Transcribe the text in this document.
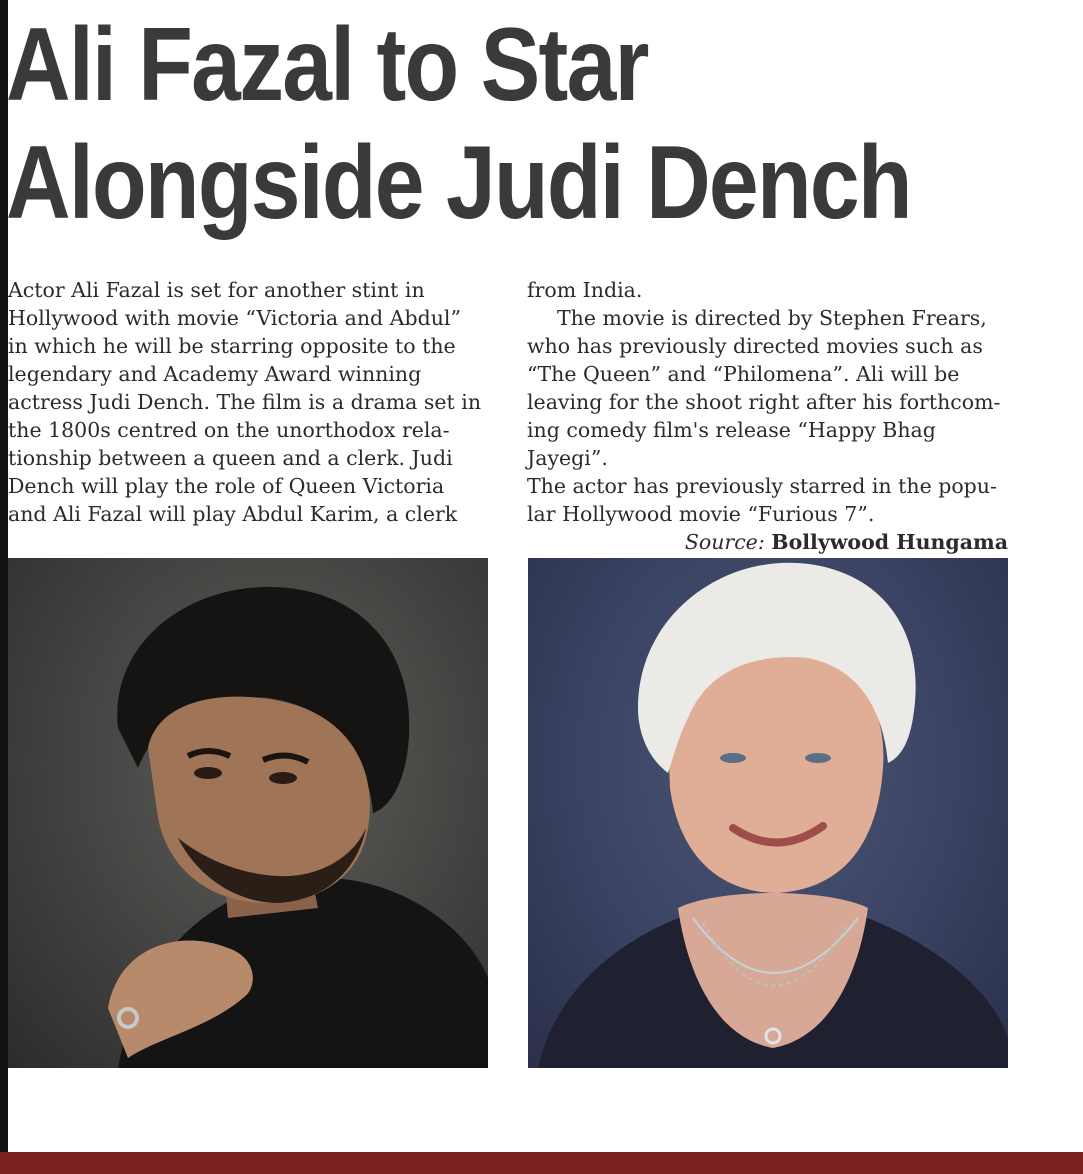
Ali Fazal to Star
Alongside Judi Dench

Actor Ali Fazal is set for another stint in
Hollywood with movie “Victoria and Abdul”
in which he will be starring opposite to the
legendary and Academy Award winning
actress Judi Dench. The film is a drama set in
the 1800s centred on the unorthodox rela-
tionship between a queen and a clerk. Judi
Dench will play the role of Queen Victoria
and Ali Fazal will play Abdul Karim, a clerk

from India.

The movie is directed by Stephen Frears,
who has previously directed movies such as
“The Queen” and “Philomena”. Ali will be
leaving for the shoot right after his forthcom-
ing comedy film's release “Happy Bhag Jayegi”.
The actor has previously starred in the popu-
lar Hollywood movie “Furious 7”.

Source: Bollywood Hungama
